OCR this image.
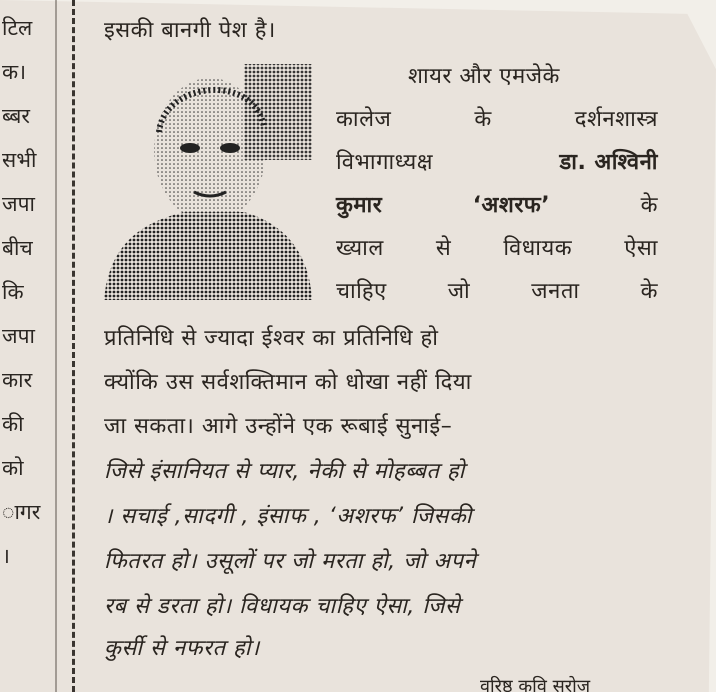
टिल
क।
ब्बर
सभी
जपा
बीच
कि
जपा
कार
की
को
ागर
।
इसकी बानगी पेश है।
शायर और एमजेके
कालेज	के	दर्शनशास्त्र
विभागाध्यक्ष	डा. अश्विनी
कुमार	‘अशरफ’	के
ख्याल से विधायक ऐसा
चाहिए	जो	जनता	के
प्रतिनिधि से ज्यादा ईश्वर का प्रतिनिधि हो
क्योंकि उस सर्वशक्तिमान को धोखा नहीं दिया
जा सकता। आगे उन्होंने एक रूबाई सुनाई–
जिसे इंसानियत से प्यार, नेकी से मोहब्बत हो
। सचाई ,सादगी , इंसाफ , ‘अशरफ’ जिसकी
फितरत हो। उसूलों पर जो मरता हो, जो अपने
रब से डरता हो। विधायक चाहिए ऐसा, जिसे
कुर्सी से नफरत हो।
वरिष्ठ कवि सरोज
